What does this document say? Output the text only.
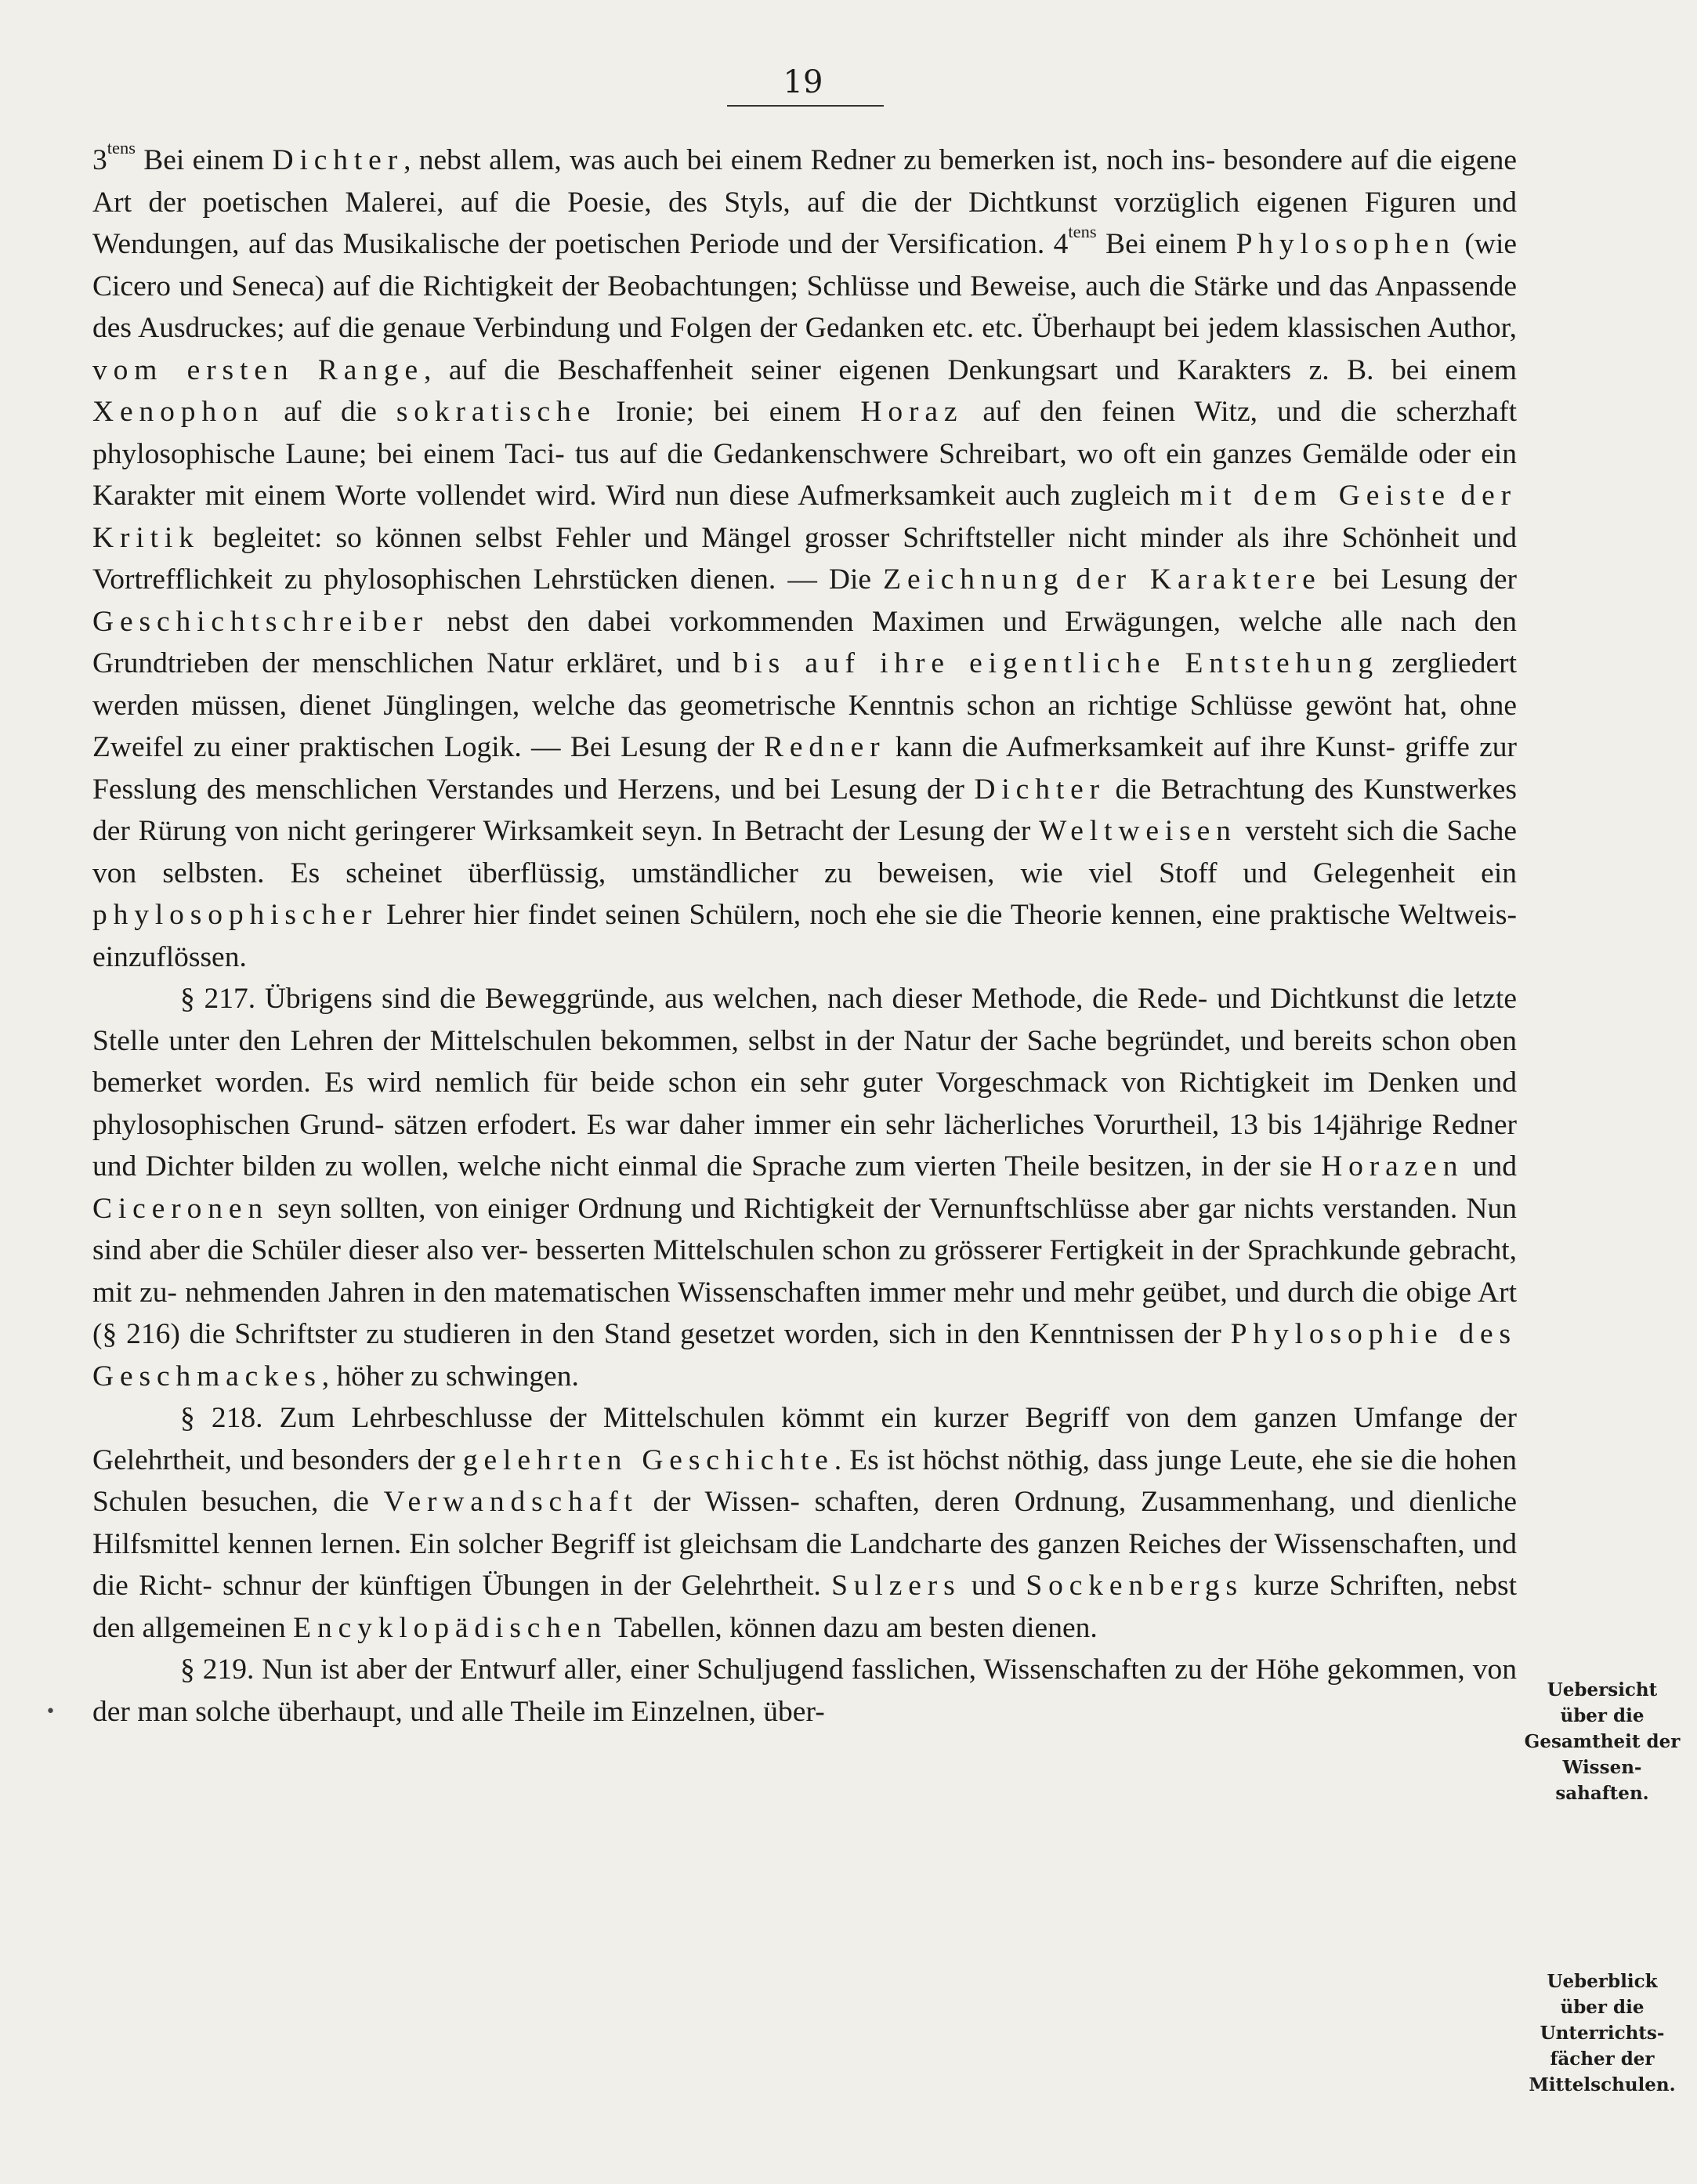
19

$3^{tens}$ Bei einem Dichter, nebst allem, was auch bei einem Redner zu bemerken ist, noch ins- besondere auf die eigene Art der poetischen Malerei, auf die Poesie, des Styls, auf die der Dichtkunst vorzüglich eigenen Figuren und Wendungen, auf das Musikalische der poetischen Periode und der Versification. $4^{tens}$ Bei einem Phylosophen (wie Cicero und Seneca) auf die Richtigkeit der Beobachtungen; Schlüsse und Beweise, auch die Stärke und das Anpassende des Ausdruckes; auf die genaue Verbindung und Folgen der Gedanken etc. etc. Überhaupt bei jedem klassischen Author, vom ersten Range, auf die Beschaffenheit seiner eigenen Denkungsart und Karakters z. B. bei einem Xenophon auf die sokratische Ironie; bei einem Horaz auf den feinen Witz, und die scherzhaft phylosophische Laune; bei einem Taci- tus auf die Gedankenschwere Schreibart, wo oft ein ganzes Gemälde oder ein Karakter mit einem Worte vollendet wird. Wird nun diese Aufmerksamkeit auch zugleich mit dem Geiste der Kritik begleitet: so können selbst Fehler und Mängel grosser Schriftsteller nicht minder als ihre Schönheit und Vortrefflichkeit zu phylosophischen Lehrstücken dienen. — Die Zeichnung der Karaktere bei Lesung der Geschichtschreiber nebst den dabei vorkommenden Maximen und Erwägungen, welche alle nach den Grundtrieben der menschlichen Natur erkläret, und bis auf ihre eigentliche Entstehung zergliedert werden müssen, dienet Jünglingen, welche das geometrische Kenntnis schon an richtige Schlüsse gewönt hat, ohne Zweifel zu einer praktischen Logik. — Bei Lesung der Redner kann die Aufmerksamkeit auf ihre Kunst- griffe zur Fesslung des menschlichen Verstandes und Herzens, und bei Lesung der Dichter die Betrachtung des Kunstwerkes der Rürung von nicht geringerer Wirksamkeit seyn. In Betracht der Lesung der Weltweisen versteht sich die Sache von selbsten. Es scheinet überflüssig, umständlicher zu beweisen, wie viel Stoff und Gelegenheit ein phylosophischer Lehrer hier findet seinen Schülern, noch ehe sie die Theorie kennen, eine praktische Weltweis- einzuflössen.

§ 217. Übrigens sind die Beweggründe, aus welchen, nach dieser Methode, die Rede- und Dichtkunst die letzte Stelle unter den Lehren der Mittelschulen bekommen, selbst in der Natur der Sache begründet, und bereits schon oben bemerket worden. Es wird nemlich für beide schon ein sehr guter Vorgeschmack von Richtigkeit im Denken und phylosophischen Grund- sätzen erfodert. Es war daher immer ein sehr lächerliches Vorurtheil, 13 bis 14jährige Redner und Dichter bilden zu wollen, welche nicht einmal die Sprache zum vierten Theile besitzen, in der sie Horazen und Ciceronen seyn sollten, von einiger Ordnung und Richtigkeit der Vernunftschlüsse aber gar nichts verstanden. Nun sind aber die Schüler dieser also ver- besserten Mittelschulen schon zu grösserer Fertigkeit in der Sprachkunde gebracht, mit zu- nehmenden Jahren in den matematischen Wissenschaften immer mehr und mehr geübet, und durch die obige Art (§ 216) die Schriftster zu studieren in den Stand gesetzet worden, sich in den Kenntnissen der Phylosophie des Geschmackes, höher zu schwingen.

§ 218. Zum Lehrbeschlusse der Mittelschulen kömmt ein kurzer Begriff von dem ganzen Umfange der Gelehrtheit, und besonders der gelehrten Geschichte. Es ist höchst nöthig, dass junge Leute, ehe sie die hohen Schulen besuchen, die Verwandschaft der Wissen- schaften, deren Ordnung, Zusammenhang, und dienliche Hilfsmittel kennen lernen. Ein solcher Begriff ist gleichsam die Landcharte des ganzen Reiches der Wissenschaften, und die Richt- schnur der künftigen Übungen in der Gelehrtheit. Sulzers und Sockenbergs kurze Schriften, nebst den allgemeinen Encyklopädischen Tabellen, können dazu am besten dienen.

§ 219. Nun ist aber der Entwurf aller, einer Schuljugend fasslichen, Wissenschaften zu der Höhe gekommen, von der man solche überhaupt, und alle Theile im Einzelnen, über-

Uebersicht
über die
Gesamtheit der
Wissen-
sahaften.
Ueberblick
über die
Unterrichts-
fächer der
Mittelschulen.
•
